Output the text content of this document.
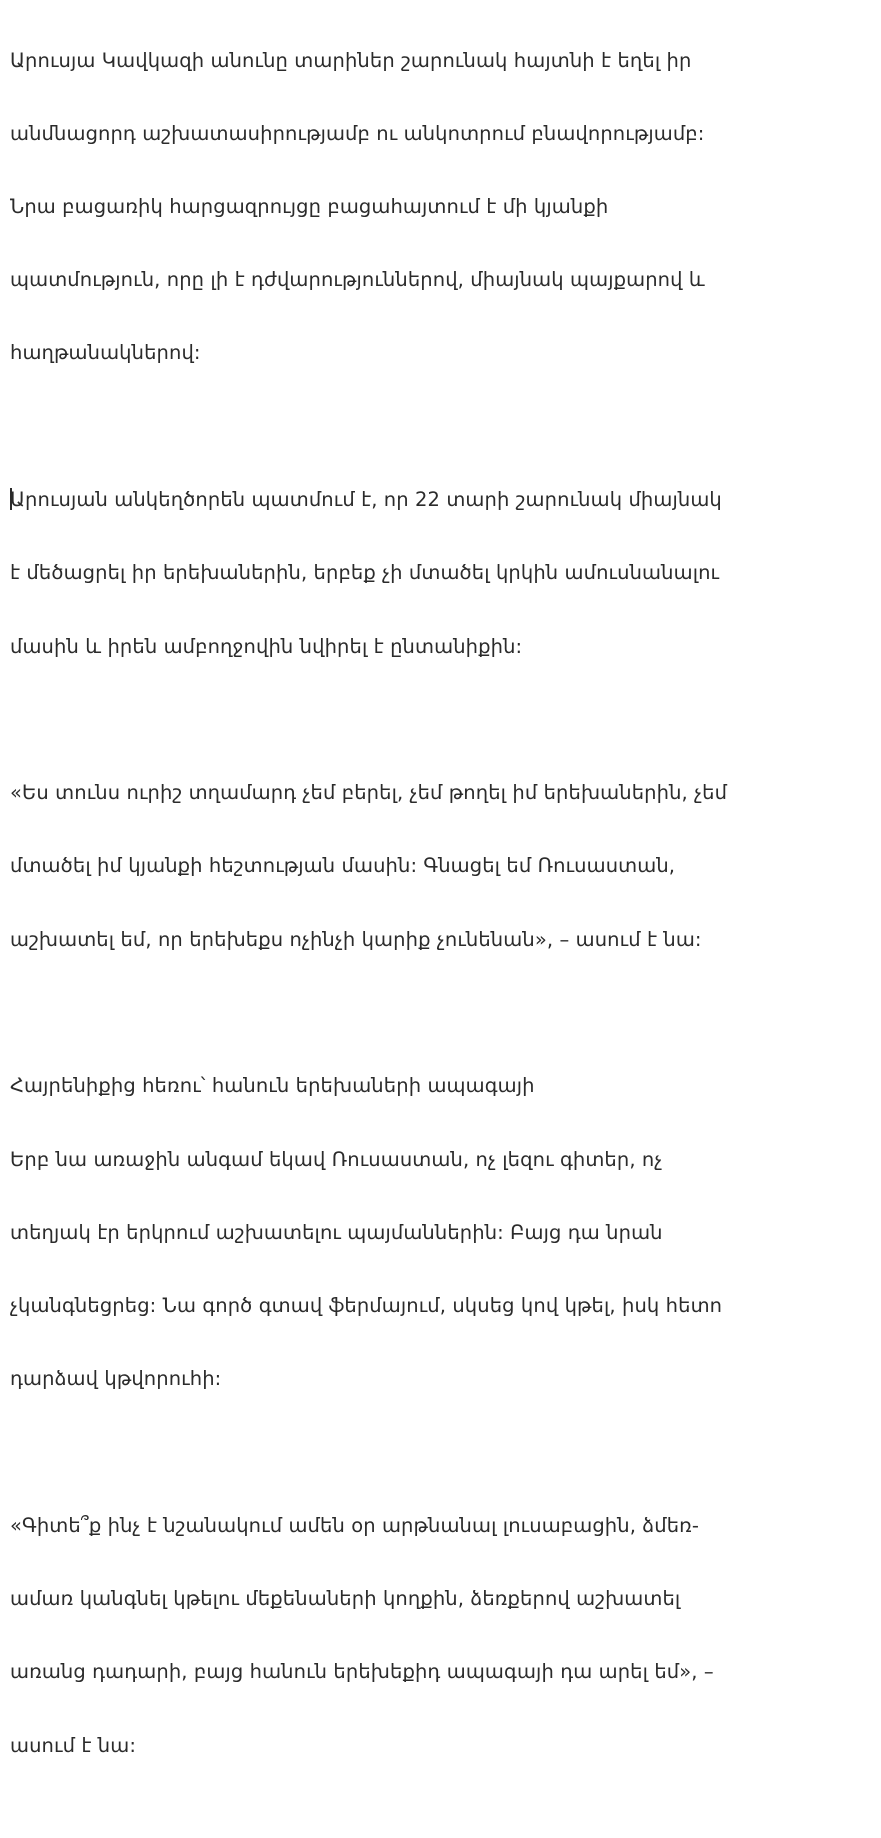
Արուսյա Կավկազի անունը տարիներ շարունակ հայտնի է եղել իր

անմնացորդ աշխատասիրությամբ ու անկոտրում բնավորությամբ:

Նրա բացառիկ հարցազրույցը բացահայտում է մի կյանքի

պատմություն, որը լի է դժվարություններով, միայնակ պայքարով և

հաղթանակներով:

Արուսյան անկեղծորեն պատմում է, որ 22 տարի շարունակ միայնակ

է մեծացրել իր երեխաներին, երբեք չի մտածել կրկին ամուսնանալու

մասին և իրեն ամբողջովին նվիրել է ընտանիքին:

«Ես տունս ուրիշ տղամարդ չեմ բերել, չեմ թողել իմ երեխաներին, չեմ

մտածել իմ կյանքի հեշտության մասին: Գնացել եմ Ռուսաստան,

աշխատել եմ, որ երեխեքս ոչինչի կարիք չունենան», – ասում է նա:

Հայրենիքից հեռու՝ հանուն երեխաների ապագայի

Երբ նա առաջին անգամ եկավ Ռուսաստան, ոչ լեզու գիտեր, ոչ

տեղյակ էր երկրում աշխատելու պայմաններին: Բայց դա նրան

չկանգնեցրեց: Նա գործ գտավ ֆերմայում, սկսեց կով կթել, իսկ հետո

դարձավ կթվորուհի:

«Գիտե՞ք ինչ է նշանակում ամեն օր արթնանալ լուսաբացին, ձմեռ-

ամառ կանգնել կթելու մեքենաների կողքին, ձեռքերով աշխատել

առանց դադարի, բայց հանուն երեխեքիդ ապագայի դա արել եմ», –

ասում է նա:
